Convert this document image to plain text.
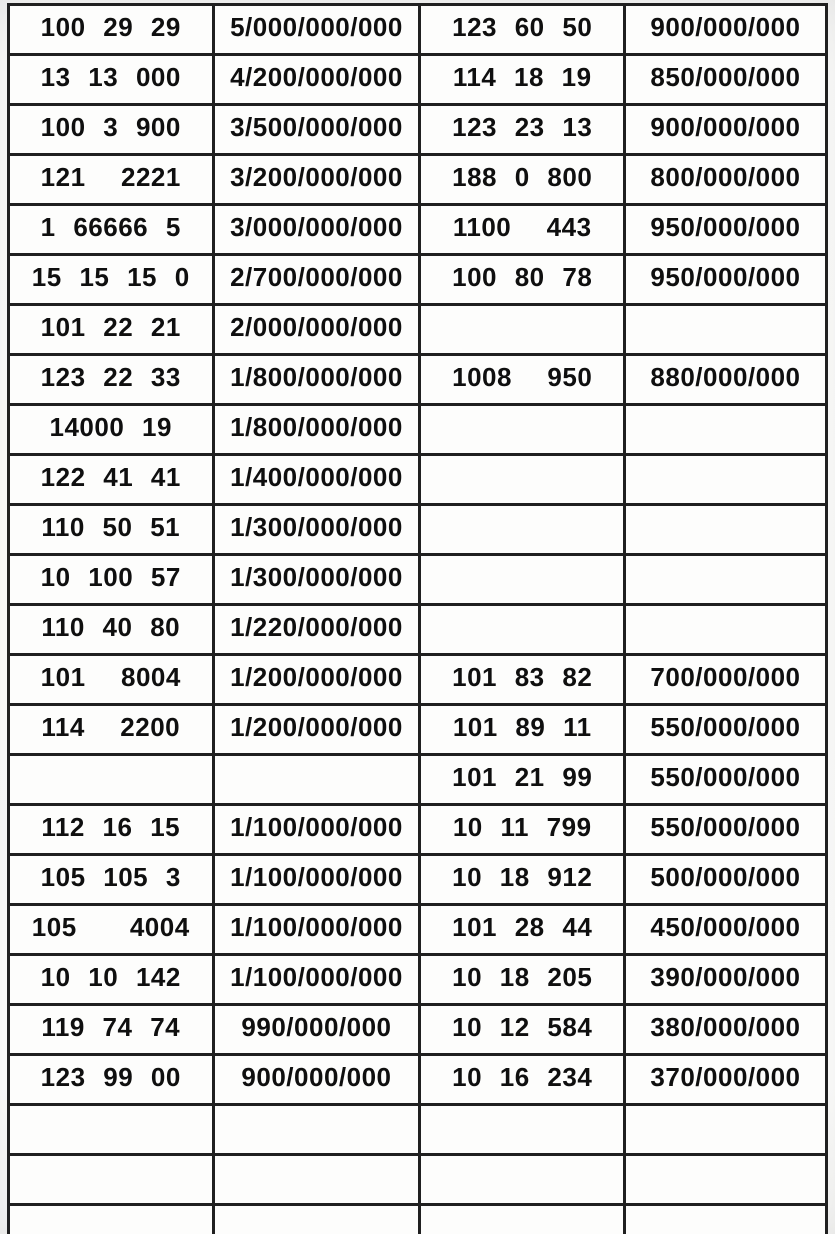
100 29 29	5/000/000/000	123 60 50	900/000/000
13 13 000	4/200/000/000	114 18 19	850/000/000
100 3 900	3/500/000/000	123 23 13	900/000/000
121  2221	3/200/000/000	188 0 800	800/000/000
1 66666 5	3/000/000/000	1100  443	950/000/000
15 15 15 0	2/700/000/000	100 80 78	950/000/000
101 22 21	2/000/000/000		
123 22 33	1/800/000/000	1008  950	880/000/000
14000 19	1/800/000/000		
122 41 41	1/400/000/000		
110 50 51	1/300/000/000		
10 100 57	1/300/000/000		
110 40 80	1/220/000/000		
101  8004	1/200/000/000	101 83 82	700/000/000
114  2200	1/200/000/000	101 89 11	550/000/000
		101 21 99	550/000/000
112 16 15	1/100/000/000	10 11 799	550/000/000
105 105 3	1/100/000/000	10 18 912	500/000/000
105   4004	1/100/000/000	101 28 44	450/000/000
10 10 142	1/100/000/000	10 18 205	390/000/000
119 74 74	990/000/000	10 12 584	380/000/000
123 99 00	900/000/000	10 16 234	370/000/000
